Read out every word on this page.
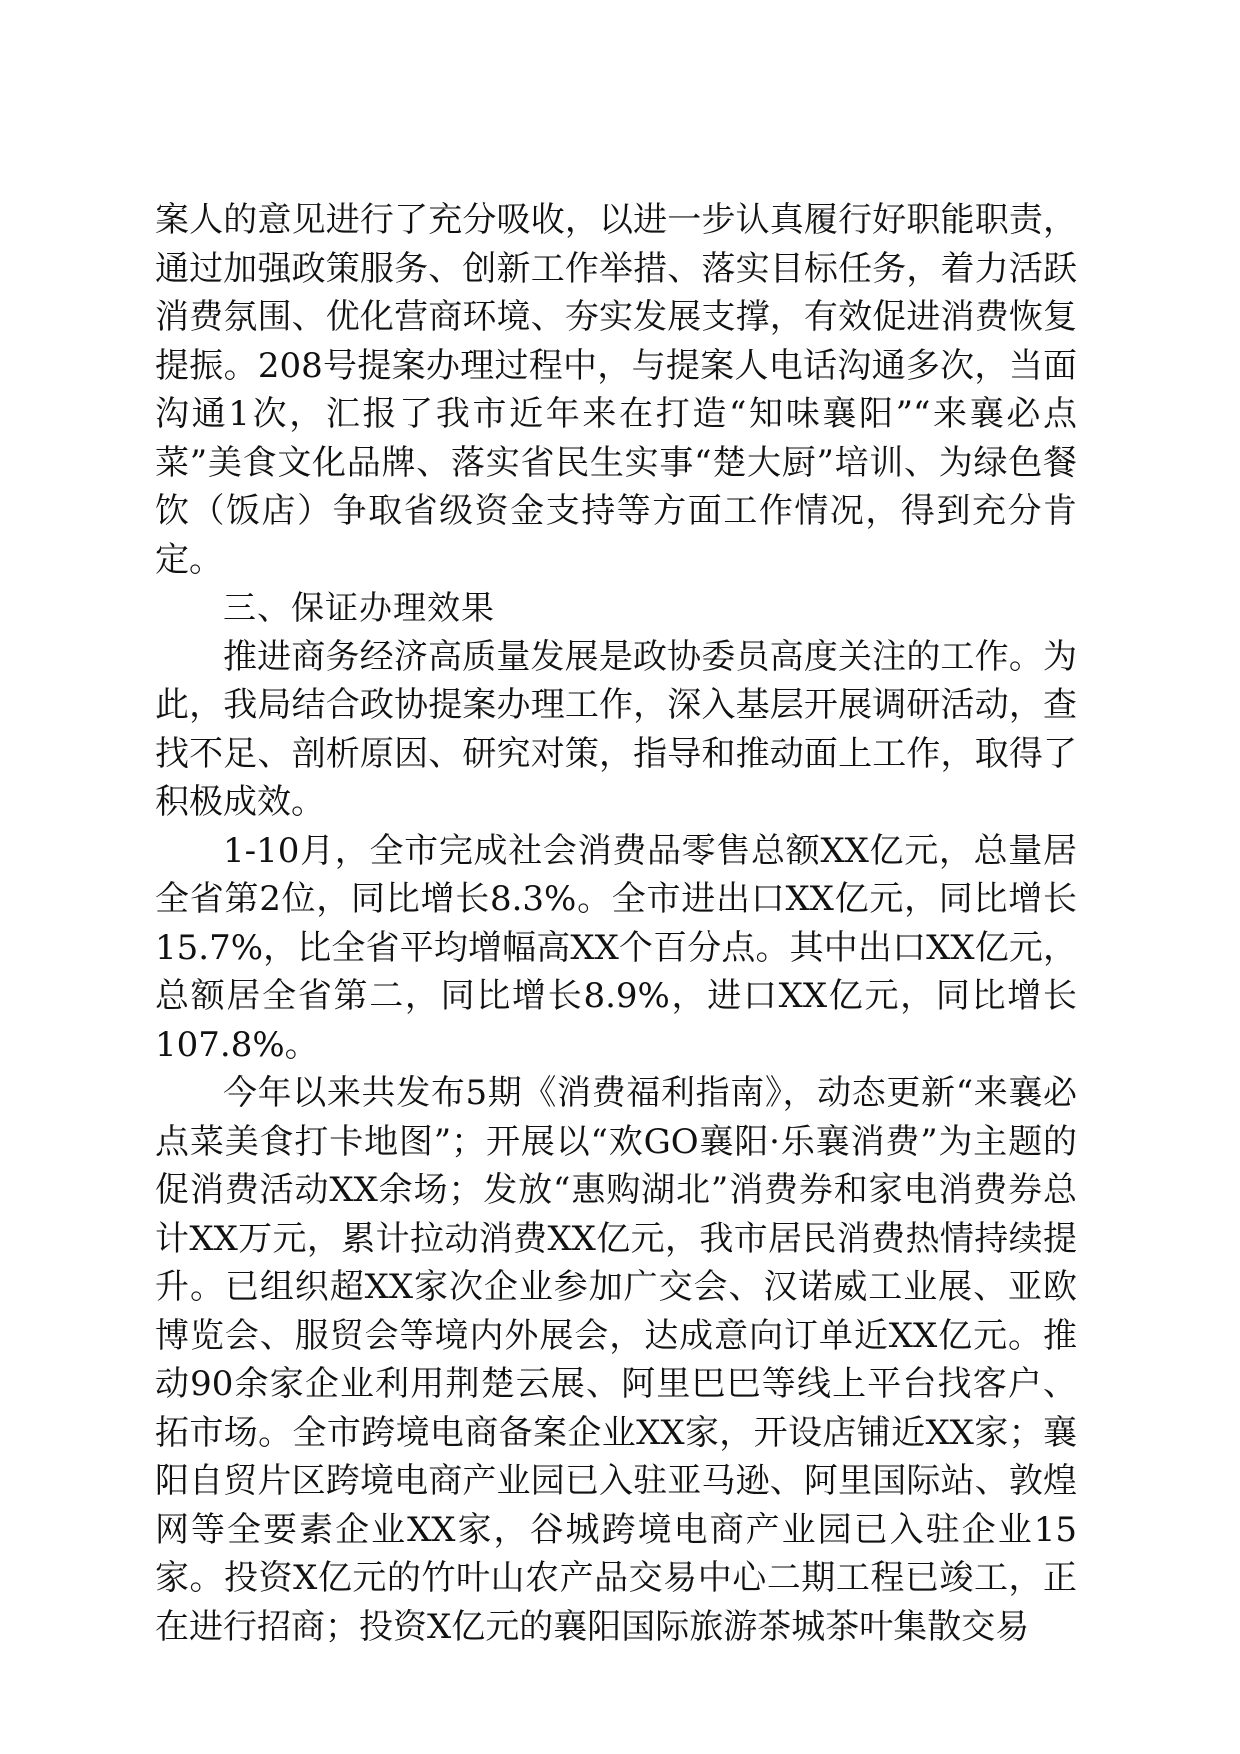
案人的意见进行了充分吸收，以进一步认真履行好职能职责，通过加强政策服务、创新工作举措、落实目标任务，着力活跃消费氛围、优化营商环境、夯实发展支撑，有效促进消费恢复提振。208号提案办理过程中，与提案人电话沟通多次，当面沟通1次，汇报了我市近年来在打造“知味襄阳”“来襄必点菜”美食文化品牌、落实省民生实事“楚大厨”培训、为绿色餐饮（饭店）争取省级资金支持等方面工作情况，得到充分肯定。

三、保证办理效果

推进商务经济高质量发展是政协委员高度关注的工作。为此，我局结合政协提案办理工作，深入基层开展调研活动，查找不足、剖析原因、研究对策，指导和推动面上工作，取得了积极成效。

1-10月，全市完成社会消费品零售总额XX亿元，总量居全省第2位，同比增长8.3%。全市进出口XX亿元，同比增长15.7%，比全省平均增幅高XX个百分点。其中出口XX亿元，总额居全省第二，同比增长8.9%，进口XX亿元，同比增长107.8%。

今年以来共发布5期《消费福利指南》，动态更新“来襄必点菜美食打卡地图”；开展以“欢GO襄阳·乐襄消费”为主题的促消费活动XX余场；发放“惠购湖北”消费券和家电消费券总计XX万元，累计拉动消费XX亿元，我市居民消费热情持续提升。已组织超XX家次企业参加广交会、汉诺威工业展、亚欧博览会、服贸会等境内外展会，达成意向订单近XX亿元。推动90余家企业利用荆楚云展、阿里巴巴等线上平台找客户、拓市场。全市跨境电商备案企业XX家，开设店铺近XX家；襄阳自贸片区跨境电商产业园已入驻亚马逊、阿里国际站、敦煌网等全要素企业XX家，谷城跨境电商产业园已入驻企业15家。投资X亿元的竹叶山农产品交易中心二期工程已竣工，正在进行招商；投资X亿元的襄阳国际旅游茶城茶叶集散交易
